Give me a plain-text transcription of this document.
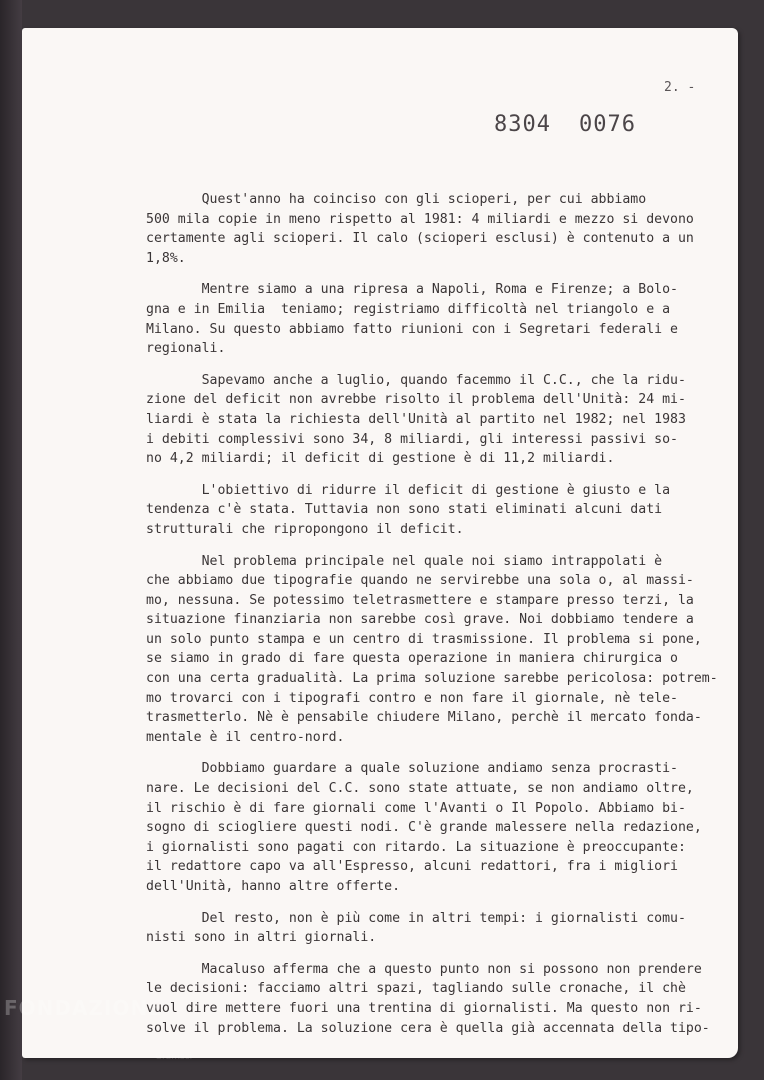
2. -
8304 0076
Quest'anno ha coinciso con gli scioperi, per cui abbiamo
500 mila copie in meno rispetto al 1981: 4 miliardi e mezzo si devono
certamente agli scioperi. Il calo (scioperi esclusi) è contenuto a un
1,8%.
Mentre siamo a una ripresa a Napoli, Roma e Firenze; a Bolo-
gna e in Emilia  teniamo; registriamo difficoltà nel triangolo e a
Milano. Su questo abbiamo fatto riunioni con i Segretari federali e
regionali.
Sapevamo anche a luglio, quando facemmo il C.C., che la ridu-
zione del deficit non avrebbe risolto il problema dell'Unità: 24 mi-
liardi è stata la richiesta dell'Unità al partito nel 1982; nel 1983
i debiti complessivi sono 34, 8 miliardi, gli interessi passivi so-
no 4,2 miliardi; il deficit di gestione è di 11,2 miliardi.
L'obiettivo di ridurre il deficit di gestione è giusto e la
tendenza c'è stata. Tuttavia non sono stati eliminati alcuni dati
strutturali che ripropongono il deficit.
Nel problema principale nel quale noi siamo intrappolati è
che abbiamo due tipografie quando ne servirebbe una sola o, al massi-
mo, nessuna. Se potessimo teletrasmettere e stampare presso terzi, la
situazione finanziaria non sarebbe così grave. Noi dobbiamo tendere a
un solo punto stampa e un centro di trasmissione. Il problema si pone,
se siamo in grado di fare questa operazione in maniera chirurgica o
con una certa gradualità. La prima soluzione sarebbe pericolosa: potrem-
mo trovarci con i tipografi contro e non fare il giornale, nè tele-
trasmetterlo. Nè è pensabile chiudere Milano, perchè il mercato fonda-
mentale è il centro-nord.
Dobbiamo guardare a quale soluzione andiamo senza procrasti-
nare. Le decisioni del C.C. sono state attuate, se non andiamo oltre,
il rischio è di fare giornali come l'Avanti o Il Popolo. Abbiamo bi-
sogno di sciogliere questi nodi. C'è grande malessere nella redazione,
i giornalisti sono pagati con ritardo. La situazione è preoccupante:
il redattore capo va all'Espresso, alcuni redattori, fra i migliori
dell'Unità, hanno altre offerte.
Del resto, non è più come in altri tempi: i giornalisti comu-
nisti sono in altri giornali.
Macaluso afferma che a questo punto non si possono non prendere
le decisioni: facciamo altri spazi, tagliando sulle cronache, il chè
vuol dire mettere fuori una trentina di giornalisti. Ma questo non ri-
solve il problema. La soluzione cera è quella già accennata della tipo-
FONDAZIONE
Gramsci
